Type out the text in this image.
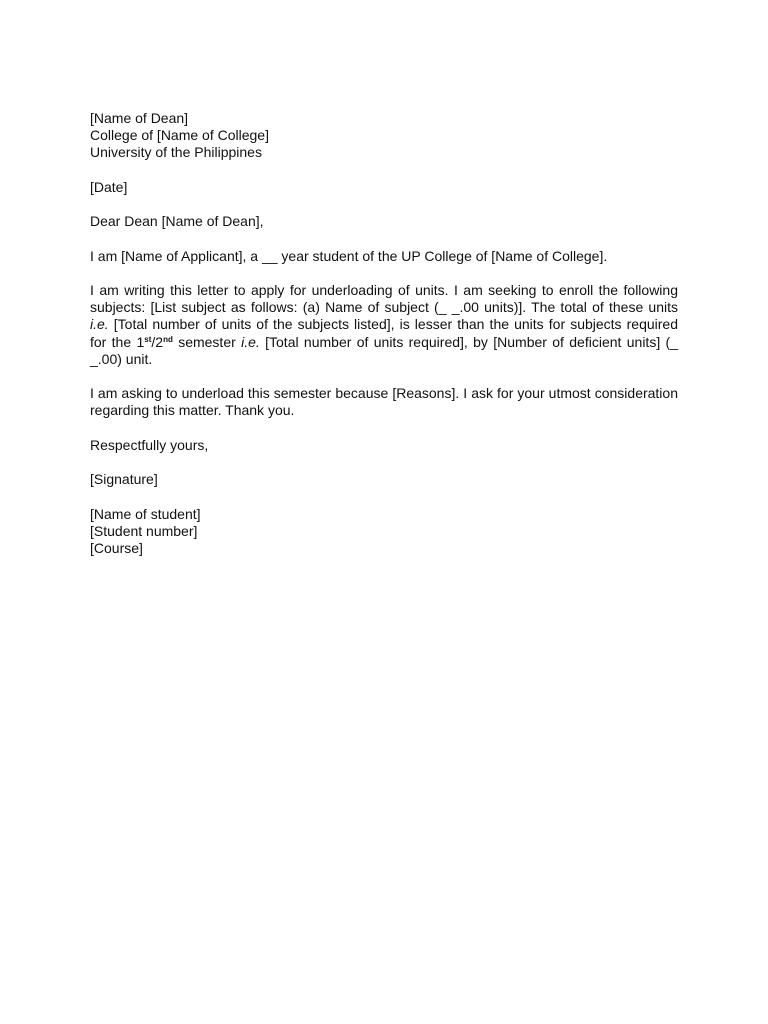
[Name of Dean]
College of [Name of College]
University of the Philippines
[Date]
Dear Dean [Name of Dean],

I am [Name of Applicant], a __ year student of the UP College of [Name of College].

I am writing this letter to apply for underloading of units. I am seeking to enroll the following subjects: [List subject as follows: (a) Name of subject (_ _.00 units)]. The total of these units i.e. [Total number of units of the subjects listed], is lesser than the units for subjects required for the 1st/2nd semester i.e. [Total number of units required], by [Number of deficient units] (_ _.00) unit.

I am asking to underload this semester because [Reasons]. I ask for your utmost consideration regarding this matter. Thank you.

Respectfully yours,
[Signature]
[Name of student]
[Student number]
[Course]
